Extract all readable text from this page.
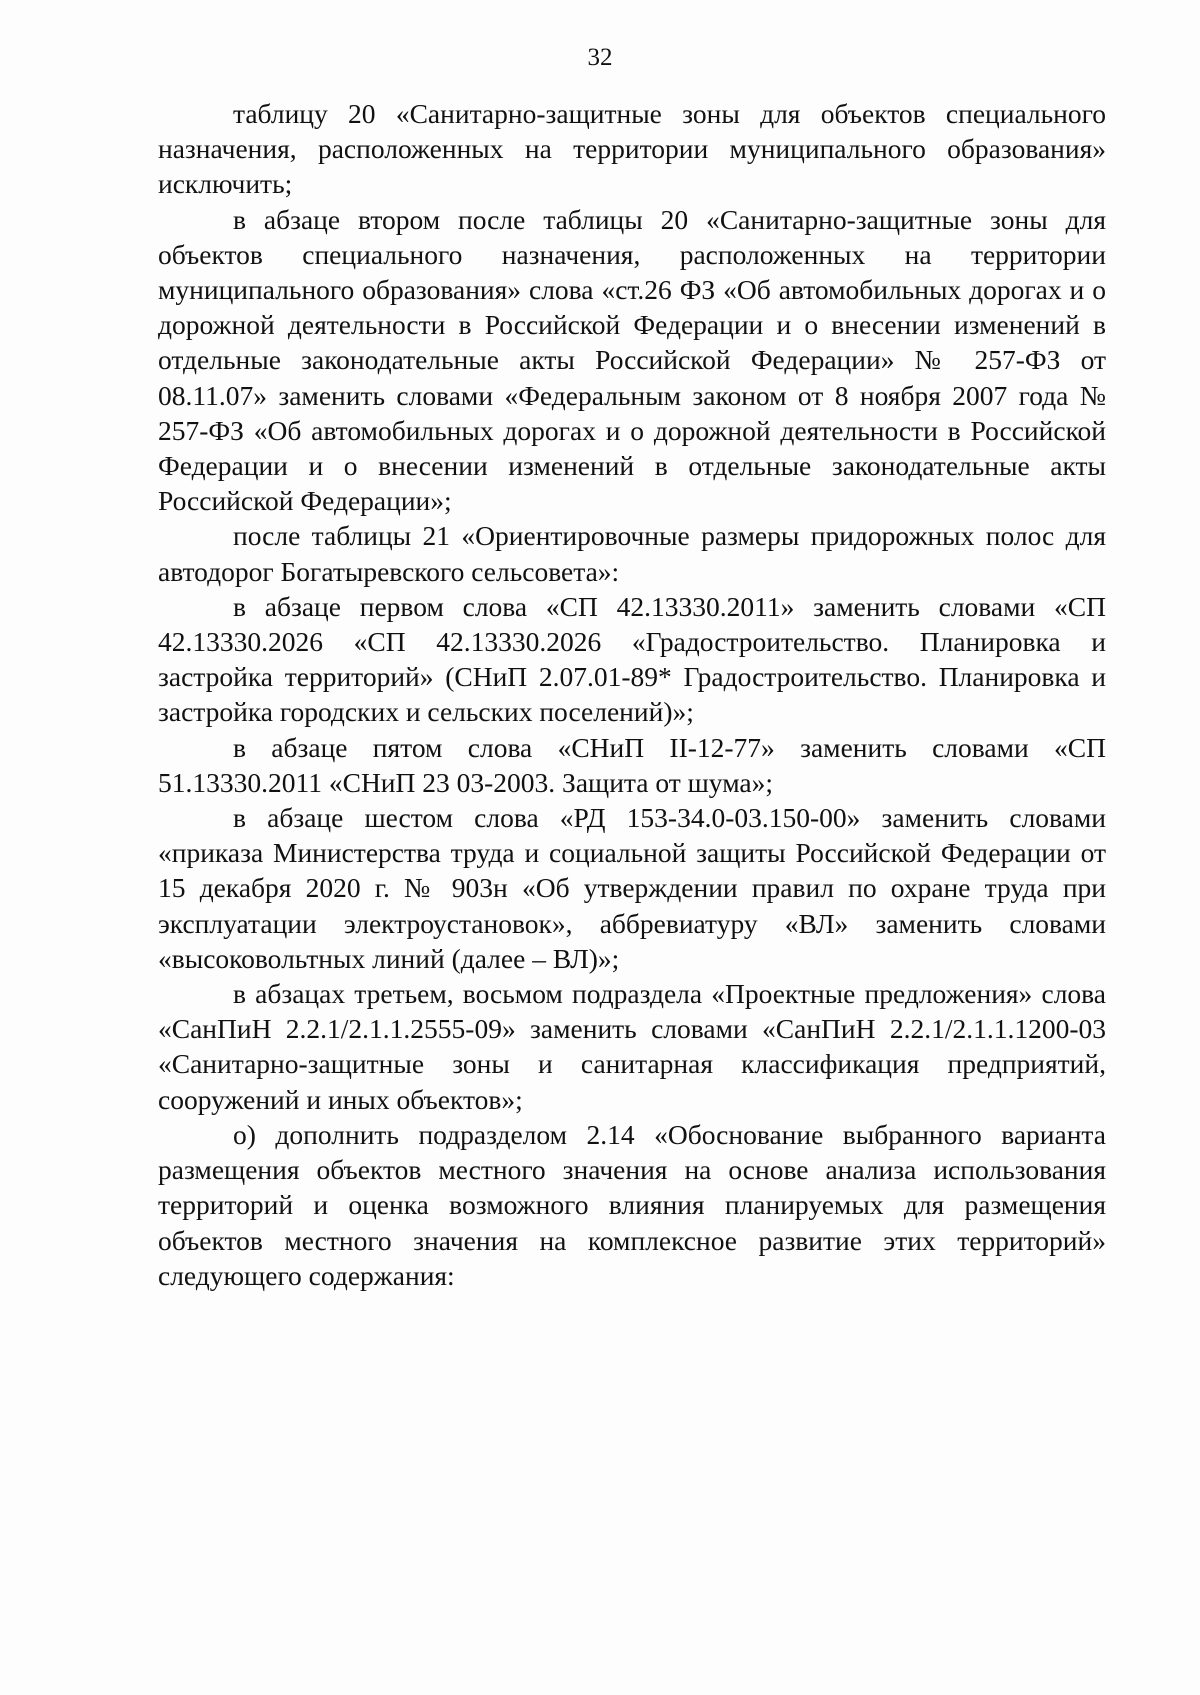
32

таблицу 20 «Санитарно-защитные зоны для объектов специального назначения, расположенных на территории муниципального образования» исключить;

в абзаце втором после таблицы 20 «Санитарно-защитные зоны для объектов специального назначения, расположенных на территории муниципального образования» слова «ст.26 ФЗ «Об автомобильных дорогах и о дорожной деятельности в Российской Федерации и о внесении изменений в отдельные законодательные акты Российской Федерации» № 257-ФЗ от 08.11.07» заменить словами «Федеральным законом от 8 ноября 2007 года № 257-ФЗ «Об автомобильных дорогах и о дорожной деятельности в Российской Федерации и о внесении изменений в отдельные законодательные акты Российской Федерации»;

после таблицы 21 «Ориентировочные размеры придорожных полос для автодорог Богатыревского сельсовета»:

в абзаце первом слова «СП 42.13330.2011» заменить словами «СП 42.13330.2026 «СП 42.13330.2026 «Градостроительство. Планировка и застройка территорий» (СНиП 2.07.01-89* Градостроительство. Планировка и застройка городских и сельских поселений)»;

в абзаце пятом слова «СНиП II-12-77» заменить словами «СП 51.13330.2011 «СНиП 23 03-2003. Защита от шума»;

в абзаце шестом слова «РД 153-34.0-03.150-00» заменить словами «приказа Министерства труда и социальной защиты Российской Федерации от 15 декабря 2020 г. № 903н «Об утверждении правил по охране труда при эксплуатации электроустановок», аббревиатуру «ВЛ» заменить словами «высоковольтных линий (далее – ВЛ)»;

в абзацах третьем, восьмом подраздела «Проектные предложения» слова «СанПиН 2.2.1/2.1.1.2555-09» заменить словами «СанПиН 2.2.1/2.1.1.1200-03 «Санитарно-защитные зоны и санитарная классификация предприятий, сооружений и иных объектов»;

о) дополнить подразделом 2.14 «Обоснование выбранного варианта размещения объектов местного значения на основе анализа использования территорий и оценка возможного влияния планируемых для размещения объектов местного значения на комплексное развитие этих территорий» следующего содержания:
